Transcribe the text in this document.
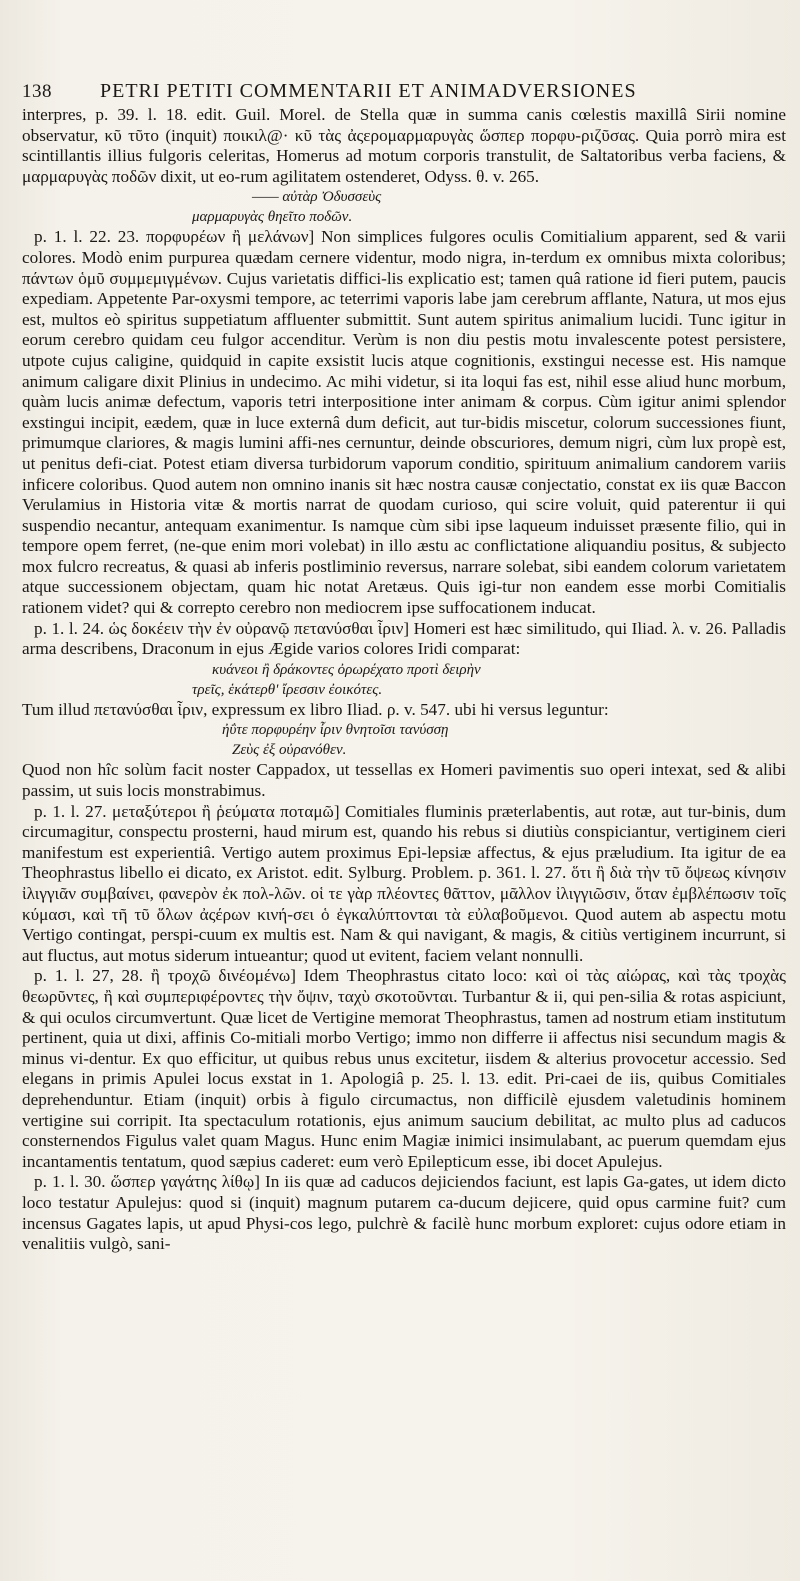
138	PETRI PETITI COMMENTARII ET ANIMADVERSIONES

interpres, p. 39. l. 18. edit. Guil. Morel. de Stella quæ in summa canis cœlestis maxillâ Sirii nomine observatur, κῦ τῦτο (inquit) ποικιλ@· κῦ τὰς ἀςερομαρμαρυγὰς ὥσπερ πορφυ-ριζῦσας. Quia porrò mira est scintillantis illius fulgoris celeritas, Homerus ad motum corporis transtulit, de Saltatoribus verba faciens, & μαρμαρυγὰς ποδῶν dixit, ut eo-rum agilitatem ostenderet, Odyss. θ. v. 265.

—— αὐτὰρ Ὀδυσσεὺς
μαρμαρυγὰς θηεῖτο ποδῶν.

p. 1. l. 22. 23. πορφυρέων ἢ μελάνων] Non simplices fulgores oculis Comitialium apparent, sed & varii colores. Modò enim purpurea quædam cernere videntur, modo nigra, in-terdum ex omnibus mixta coloribus; πάντων ὁμῦ συμμεμιγμένων. Cujus varietatis diffici-lis explicatio est; tamen quâ ratione id fieri putem, paucis expediam. Appetente Par-oxysmi tempore, ac teterrimi vaporis labe jam cerebrum afflante, Natura, ut mos ejus est, multos eò spiritus suppetiatum affluenter submittit. Sunt autem spiritus animalium lucidi. Tunc igitur in eorum cerebro quidam ceu fulgor accenditur. Verùm is non diu pestis motu invalescente potest persistere, utpote cujus caligine, quidquid in capite exsistit lucis atque cognitionis, exstingui necesse est. His namque animum caligare dixit Plinius in undecimo. Ac mihi videtur, si ita loqui fas est, nihil esse aliud hunc morbum, quàm lucis animæ defectum, vaporis tetri interpositione inter animam & corpus. Cùm igitur animi splendor exstingui incipit, eædem, quæ in luce externâ dum deficit, aut tur-bidis miscetur, colorum successiones fiunt, primumque clariores, & magis lumini affi-nes cernuntur, deinde obscuriores, demum nigri, cùm lux propè est, ut penitus defi-ciat. Potest etiam diversa turbidorum vaporum conditio, spirituum animalium candorem variis inficere coloribus. Quod autem non omnino inanis sit hæc nostra causæ conjectatio, constat ex iis quæ Baccon Verulamius in Historia vitæ & mortis narrat de quodam curioso, qui scire voluit, quid paterentur ii qui suspendio necantur, antequam exanimentur. Is namque cùm sibi ipse laqueum induisset præsente filio, qui in tempore opem ferret, (ne-que enim mori volebat) in illo æstu ac conflictatione aliquandiu positus, & subjecto mox fulcro recreatus, & quasi ab inferis postliminio reversus, narrare solebat, sibi eandem colorum varietatem atque successionem objectam, quam hic notat Aretæus. Quis igi-tur non eandem esse morbi Comitialis rationem videt? qui & correpto cerebro non mediocrem ipse suffocationem inducat.

p. 1. l. 24. ὡς δοκέειν τὴν ἐν οὐρανῷ πετανύσθαι ἶριν] Homeri est hæc similitudo, qui Iliad. λ. v. 26. Palladis arma describens, Draconum in ejus Ægide varios colores Iridi comparat:

κυάνεοι ἢ δράκοντες ὀρωρέχατο προτὶ δειρὴν
τρεῖς, ἑκάτερθ' ἴρεσσιν ἐοικότες.

Tum illud πετανύσθαι ἶριν, expressum ex libro Iliad. ρ. v. 547. ubi hi versus leguntur:

ἠΰτε πορφυρέην ἶριν θνητοῖσι τανύσσῃ
Ζεὺς ἐξ οὐρανόθεν.

Quod non hîc solùm facit noster Cappadox, ut tessellas ex Homeri pavimentis suo operi intexat, sed & alibi passim, ut suis locis monstrabimus.

p. 1. l. 27. μεταξύτεροι ἢ ῥεύματα ποταμῶ] Comitiales fluminis præterlabentis, aut rotæ, aut tur-binis, dum circumagitur, conspectu prosterni, haud mirum est, quando his rebus si diutiùs conspiciantur, vertiginem cieri manifestum est experientiâ. Vertigo autem proximus Epi-lepsiæ affectus, & ejus præludium. Ita igitur de ea Theophrastus libello ei dicato, ex Aristot. edit. Sylburg. Problem. p. 361. l. 27. ὅτι ἢ διὰ τὴν τῦ ὄψεως κίνησιν ἰλιγγιᾶν συμβαίνει, φανερὸν ἐκ πολ-λῶν. οἱ τε γὰρ πλέοντες θᾶττον, μᾶλλον ἰλιγγιῶσιν, ὅταν ἐμβλέπωσιν τοῖς κύμασι, καὶ τῆ τῦ ὅλων ἀςέρων κινή-σει ὁ ἐγκαλύπτονται τὰ εὐλαβοῦμενοι. Quod autem ab aspectu motu Vertigo contingat, perspi-cuum ex multis est. Nam & qui navigant, & magis, & citiùs vertiginem incurrunt, si aut fluctus, aut motus siderum intueantur; quod ut evitent, faciem velant nonnulli.

p. 1. l. 27, 28. ἢ τροχῶ δινέομένω] Idem Theophrastus citato loco: καὶ οἱ τὰς αἰώρας, καὶ τὰς τροχὰς θεωρῦντες, ἢ καὶ συμπεριφέροντες τὴν ὄψιν, ταχὺ σκοτοῦνται. Turbantur & ii, qui pen-silia & rotas aspiciunt, & qui oculos circumvertunt. Quæ licet de Vertigine memorat Theophrastus, tamen ad nostrum etiam institutum pertinent, quia ut dixi, affinis Co-mitiali morbo Vertigo; immo non differre ii affectus nisi secundum magis & minus vi-dentur. Ex quo efficitur, ut quibus rebus unus excitetur, iisdem & alterius provocetur accessio. Sed elegans in primis Apulei locus exstat in 1. Apologiâ p. 25. l. 13. edit. Pri-caei de iis, quibus Comitiales deprehenduntur. Etiam (inquit) orbis à figulo circumactus, non difficilè ejusdem valetudinis hominem vertigine sui corripit. Ita spectaculum rotationis, ejus animum saucium debilitat, ac multo plus ad caducos consternendos Figulus valet quam Magus. Hunc enim Magiæ inimici insimulabant, ac puerum quemdam ejus incantamentis tentatum, quod sæpius caderet: eum verò Epilepticum esse, ibi docet Apulejus.

p. 1. l. 30. ὥσπερ γαγάτης λίθῳ] In iis quæ ad caducos dejiciendos faciunt, est lapis Ga-gates, ut idem dicto loco testatur Apulejus: quod si (inquit) magnum putarem ca-ducum dejicere, quid opus carmine fuit? cum incensus Gagates lapis, ut apud Physi-cos lego, pulchrè & facilè hunc morbum exploret: cujus odore etiam in venalitiis vulgò, sani-
